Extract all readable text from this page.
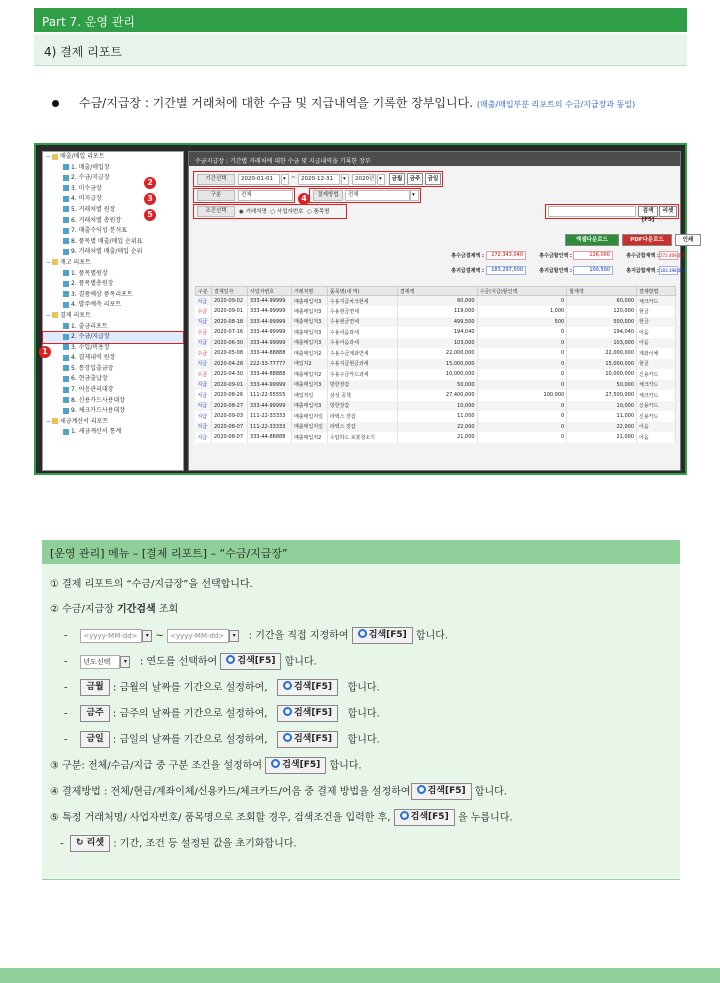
Part 7. 운영 관리
4) 결제 리포트
수금/지급장 : 기간별 거래처에 대한 수금 및 지급내역을 기록한 장부입니다. (매출/매입부분 리포트의 수금/지급장과 동일)
− 매출/매입 리포트
1. 매출/매입장
2. 수금/지급장
3. 미수금장
4. 미지급장
5. 거래처별 원장
6. 거래처별 총원장
7. 매출수익성 분석표
8. 품목별 매출/매입 순위표
9. 거래처별 매출/매입 순위
− 재고 리포트
1. 품목별원장
2. 품목별총원장
3. 결품예상 품목리포트
4. 발주예측 리포트
− 결제 리포트
1. 출금리포트
2. 수금/지급장
3. 수입/비용장
4. 결제내역 원장
5. 통장입출금장
6. 현금출납장
7. 어음관리대장
8. 신용카드사용대장
9. 체크카드사용대장
− 세금계산서 리포트
1. 세금계산서 통계
수금지급장 : 기간별 거래처에 대한 수금 및 지급내역을 기록한 장부
기간선택	2020-01-01	▾ ~ 2020-12-31	▾	2020년 ▾	금월	금주	금일
구분	전체	결제방법	전체	▾
조건선택	◉ 거래처명  ○ 사업자번호  ○ 품목명	검색[F5]
리셋
엑셀다운로드	PDF다운로드	인쇄
총수금결제액 :	272,343,040	총수금할인액 :	126,000	총수금합계액 : 272,469,040
총지급결제액 :	183,297,500	총지급할인액 :	100,500	총지급합계액 : 183,398,000
구분	결제일자	사업자번호	거래처명	품목명(내 역)	결제액	수금(지급)할인액	합계액	결제방법
지급	2020-09-02	333-44-99999	매출매입처3	수용지급차크현세	60,000	0	60,000	체크카드
수금	2020-09-01	333-44-99999	매출매입처3	수용현금면세	119,000	1,000	120,000	현금
지급	2020-08-18	333-44-99999	매출매입처3	수용현금면세	499,500	500	500,000	현금
수금	2020-07-16	333-44-99999	매출매입처3	수용어음과세	194,040	0	194,040	어음
지급	2020-06-30	333-44-99999	매출매입처3	수용어음과세	103,000	0	103,000	어음
수금	2020-05-08	333-44-88888	매출매입처2	수용수금계좌면세	22,000,000	0	22,000,000	계좌이체
지급	2020-04-28	222-33-77777	매입처2	수용지급현금과세	15,000,000	0	15,000,000	현금
수금	2020-04-30	333-44-88888	매출매입처2	수용수금카드과세	10,000,000	0	10,000,000	신용카드
지급	2020-09-01	333-44-99999	매출매입처3	방한장갑	50,000	0	50,000	체크카드
지급	2020-08-26	111-22-55555	매입처일	삼성 공책	27,400,000	100,000	27,500,000	체크카드
지급	2020-08-27	333-44-99999	매출매입처3	방한장갑	10,000	0	10,000	신용카드
지급	2020-09-03	111-22-33333	매출매입처일	라텍스 장갑	11,000	0	11,000	신용카드
지급	2020-08-07	111-22-33333	매출매입처일	라텍스 장갑	22,000	0	22,000	어음
지급	2020-08-07	333-44-88888	매출매입처2	수압하드 로봇청소기	21,000	0	21,000	어음
1
2
3	4
5
[운영 관리] 메뉴 – [결제 리포트] – “수금/지급장”
① 결제 리포트의 “수금/지급장”을 선택합니다.
② 수금/지급장 기간검색 조회
- <yyyy-MM-dd> ▾ ~ <yyyy-MM-dd> ▾ : 기간을 직접 지정하여 검색[F5] 합니다.
- 년도선택 ▾ : 연도를 선택하여 검색[F5] 합니다.
- 금월 : 금월의 날짜를 기간으로 설정하여,	검색[F5] 합니다.
- 금주 : 금주의 날짜를 기간으로 설정하여,	검색[F5] 합니다.
- 금일 : 금일의 날짜를 기간으로 설정하여,	검색[F5] 합니다.
③ 구분: 전체/수금/지급 중 구분 조건을 설정하여 검색[F5] 합니다.
④ 결제방법 : 전체/현금/계좌이체/신용카드/체크카드/어음 중 결제 방법을 설정하여 검색[F5] 합니다.
⑤ 특정 거래처명/ 사업자번호/ 품목명으로 조회할 경우, 검색조건을 입력한 후, 검색[F5] 을 누릅니다.
- ↻ 리셋 : 기간, 조건 등 설정된 값을 초기화합니다.
